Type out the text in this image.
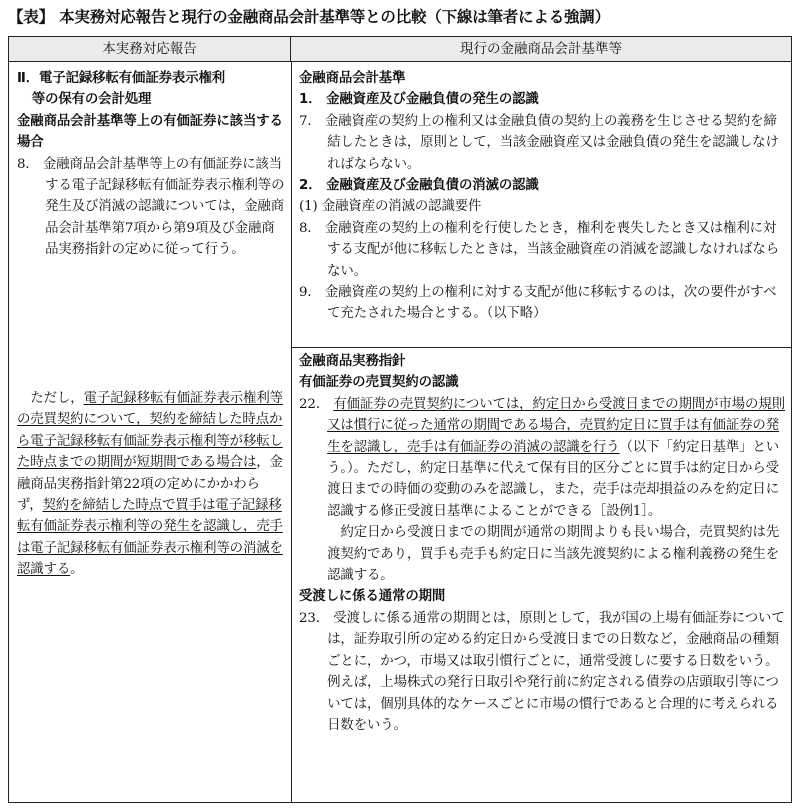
【表】 本実務対応報告と現行の金融商品会計基準等との比較（下線は筆者による強調）
本実務対応報告	現行の金融商品会計基準等

Ⅱ．電子記録移転有価証券表示権利

等の保有の会計処理

金融商品会計基準等上の有価証券に該当する場合

8． 金融商品会計基準等上の有価証券に該当する電子記録移転有価証券表示権利等の発生及び消滅の認識については，金融商品会計基準第7項から第9項及び金融商品実務指針の定めに従って行う。

ただし，電子記録移転有価証券表示権利等の売買契約について，契約を締結した時点から電子記録移転有価証券表示権利等が移転した時点までの期間が短期間である場合は，金融商品実務指針第22項の定めにかかわらず，契約を締結した時点で買手は電子記録移転有価証券表示権利等の発生を認識し，売手は電子記録移転有価証券表示権利等の消滅を認識する。

金融商品会計基準

1． 金融資産及び金融負債の発生の認識

7． 金融資産の契約上の権利又は金融負債の契約上の義務を生じさせる契約を締結したときは，原則として，当該金融資産又は金融負債の発生を認識しなければならない。

2． 金融資産及び金融負債の消滅の認識

(1) 金融資産の消滅の認識要件

8． 金融資産の契約上の権利を行使したとき，権利を喪失したとき又は権利に対する支配が他に移転したときは，当該金融資産の消滅を認識しなければならない。

9． 金融資産の契約上の権利に対する支配が他に移転するのは，次の要件がすべて充たされた場合とする。（以下略）

金融商品実務指針

有価証券の売買契約の認識

22． 有価証券の売買契約については，約定日から受渡日までの期間が市場の規則又は慣行に従った通常の期間である場合，売買約定日に買手は有価証券の発生を認識し，売手は有価証券の消滅の認識を行う（以下「約定日基準」という。）。ただし，約定日基準に代えて保有目的区分ごとに買手は約定日から受渡日までの時価の変動のみを認識し，また，売手は売却損益のみを約定日に認識する修正受渡日基準によることができる［設例1］。

約定日から受渡日までの期間が通常の期間よりも長い場合，売買契約は先渡契約であり，買手も売手も約定日に当該先渡契約による権利義務の発生を認識する。

受渡しに係る通常の期間

23． 受渡しに係る通常の期間とは，原則として，我が国の上場有価証券については，証券取引所の定める約定日から受渡日までの日数など，金融商品の種類ごとに，かつ，市場又は取引慣行ごとに，通常受渡しに要する日数をいう。例えば，上場株式の発行日取引や発行前に約定される債券の店頭取引等については，個別具体的なケースごとに市場の慣行であると合理的に考えられる日数をいう。
